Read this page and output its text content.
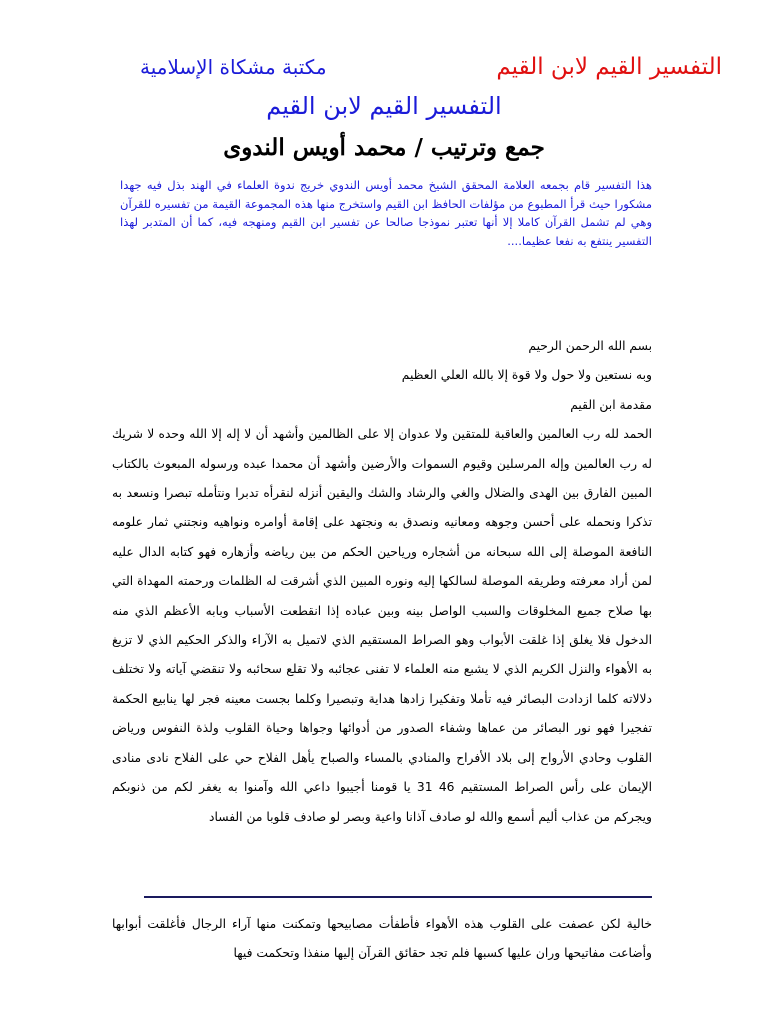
التفسير القيم لابن القيم
مكتبة مشكاة الإسلامية
التفسير القيم لابن القيم
جمع وترتيب / محمد أويس الندوى
هذا التفسير قام بجمعه العلامة المحقق الشيخ محمد أويس الندوي خريج ندوة العلماء في الهند بذل فيه جهدا مشكورا حيث قرأ المطبوع من مؤلفات الحافظ ابن القيم واستخرج منها هذه المجموعة القيمة من تفسيره للقرآن وهي لم تشمل القرآن كاملا إلا أنها تعتبر نموذجا صالحا عن تفسير ابن القيم ومنهجه فيه، كما أن المتدبر لهذا التفسير ينتفع به نفعا عظيما....

بسم الله الرحمن الرحيم

وبه نستعين ولا حول ولا قوة إلا بالله العلي العظيم

مقدمة ابن القيم

الحمد لله رب العالمين والعاقبة للمتقين ولا عدوان إلا على الظالمين وأشهد أن لا إله إلا الله وحده لا شريك له رب العالمين وإله المرسلين وقيوم السموات والأرضين وأشهد أن محمدا عبده ورسوله المبعوث بالكتاب المبين الفارق بين الهدى والضلال والغي والرشاد والشك واليقين أنزله لنقرأه تدبرا ونتأمله تبصرا ونسعد به تذكرا ونحمله على أحسن وجوهه ومعانيه ونصدق به ونجتهد على إقامة أوامره ونواهيه ونجتني ثمار علومه النافعة الموصلة إلى الله سبحانه من أشجاره ورياحين الحكم من بين رياضه وأزهاره فهو كتابه الدال عليه لمن أراد معرفته وطريقه الموصلة لسالكها إليه ونوره المبين الذي أشرقت له الظلمات ورحمته المهداة التي بها صلاح جميع المخلوقات والسبب الواصل بينه وبين عباده إذا انقطعت الأسباب وبابه الأعظم الذي منه الدخول فلا يغلق إذا غلقت الأبواب وهو الصراط المستقيم الذي لاتميل به الآراء والذكر الحكيم الذي لا تزيغ به الأهواء والنزل الكريم الذي لا يشبع منه العلماء لا تفنى عجائبه ولا تقلع سحائبه ولا تنقضي آياته ولا تختلف دلالاته كلما ازدادت البصائر فيه تأملا وتفكيرا زادها هداية وتبصيرا وكلما بجست معينه فجر لها ينابيع الحكمة تفجيرا فهو نور البصائر من عماها وشفاء الصدور من أدوائها وجواها وحياة القلوب ولذة النفوس ورياض القلوب وحادي الأرواح إلى بلاد الأفراح والمنادي بالمساء والصباح يأهل الفلاح حي على الفلاح نادى منادى الإيمان على رأس الصراط المستقيم 46 31 يا قومنا أجيبوا داعي الله وآمنوا به يغفر لكم من ذنوبكم ويجركم من عذاب أليم أسمع والله لو صادف آذانا واعية وبصر لو صادف قلوبا من الفساد

خالية لكن عصفت على القلوب هذه الأهواء فأطفأت مصابيحها وتمكنت منها آراء الرجال فأغلقت أبوابها وأضاعت مفاتيحها وران عليها كسبها فلم تجد حقائق القرآن إليها منفذا وتحكمت فيها
